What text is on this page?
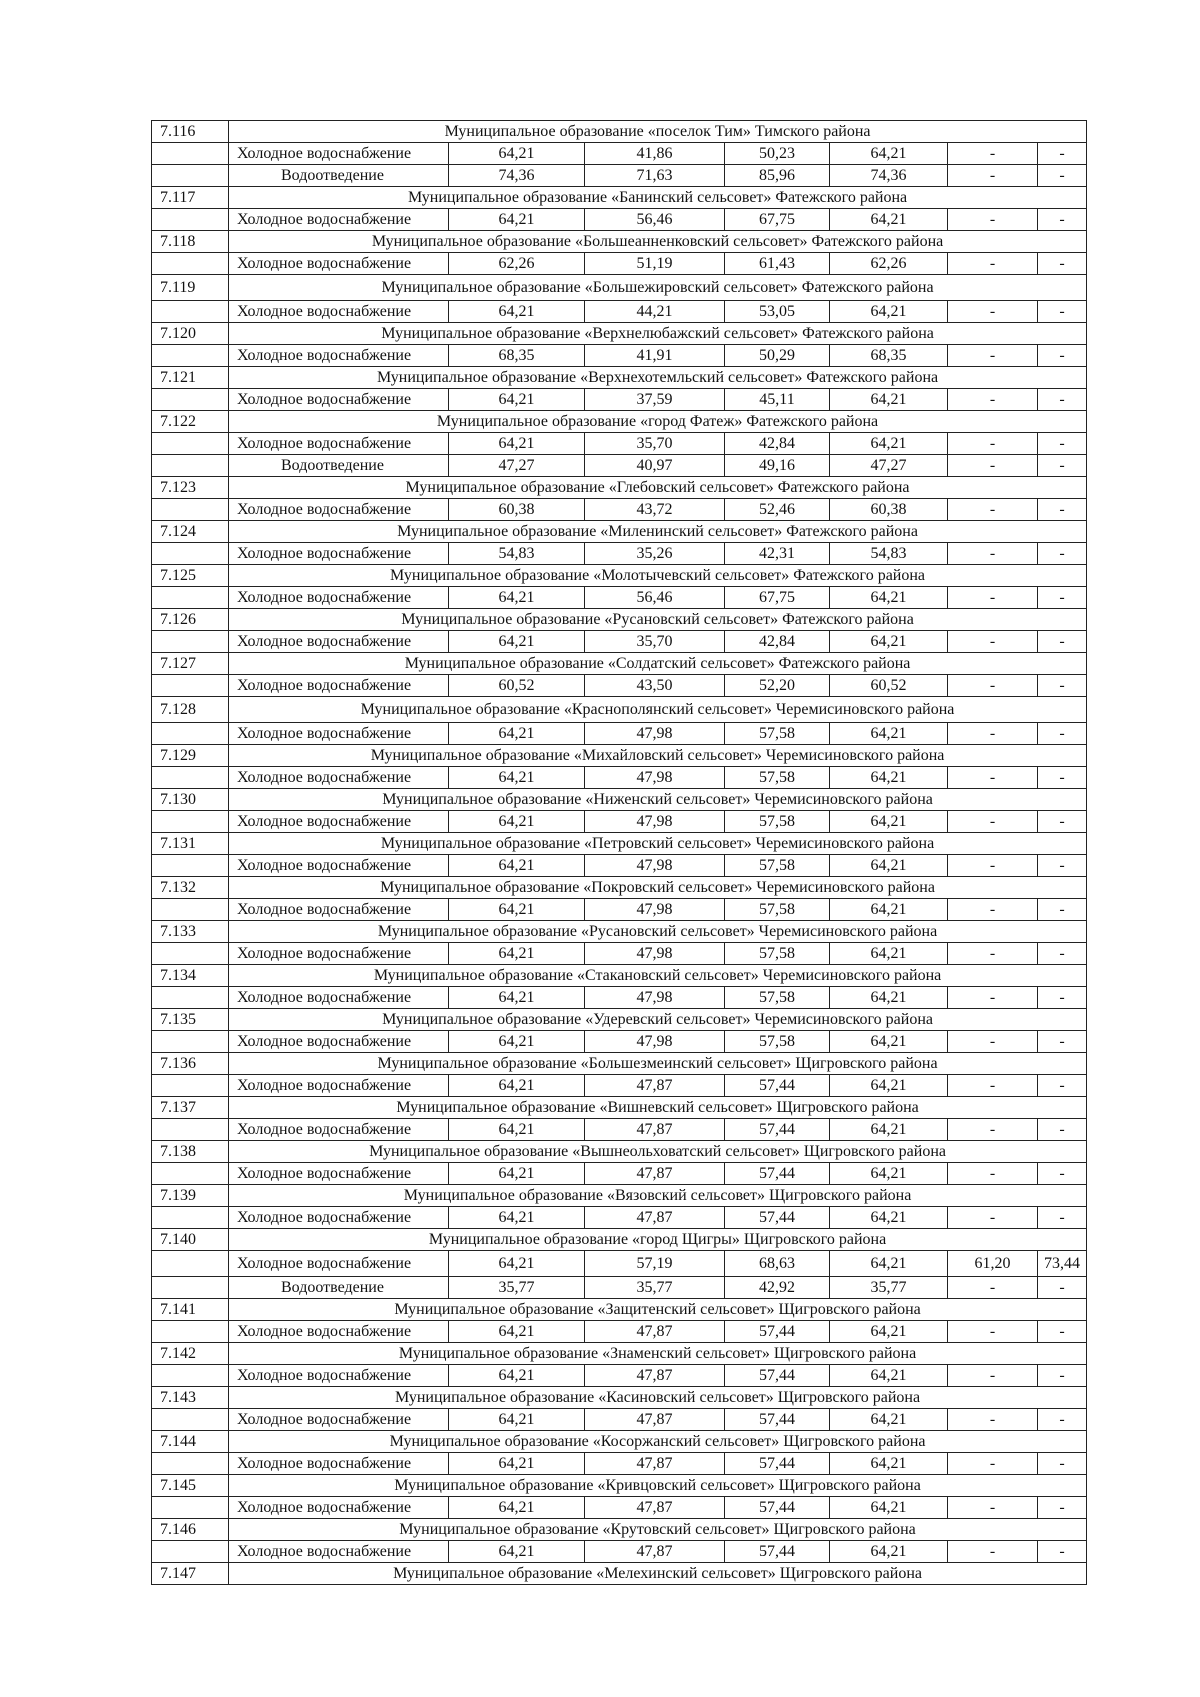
7.116	Муниципальное образование «поселок Тим» Тимского района						
	Холодное водоснабжение	64,21	41,86	50,23	64,21	-	-
	Водоотведение	74,36	71,63	85,96	74,36	-	-
7.117	Муниципальное образование «Банинский сельсовет» Фатежского района						
	Холодное водоснабжение	64,21	56,46	67,75	64,21	-	-
7.118	Муниципальное образование «Большеанненковский сельсовет» Фатежского района						
	Холодное водоснабжение	62,26	51,19	61,43	62,26	-	-
7.119	Муниципальное образование «Большежировский сельсовет» Фатежского района						
	Холодное водоснабжение	64,21	44,21	53,05	64,21	-	-
7.120	Муниципальное образование «Верхнелюбажский сельсовет» Фатежского района						
	Холодное водоснабжение	68,35	41,91	50,29	68,35	-	-
7.121	Муниципальное образование «Верхнехотемльский сельсовет» Фатежского района						
	Холодное водоснабжение	64,21	37,59	45,11	64,21	-	-
7.122	Муниципальное образование «город Фатеж» Фатежского района						
	Холодное водоснабжение	64,21	35,70	42,84	64,21	-	-
	Водоотведение	47,27	40,97	49,16	47,27	-	-
7.123	Муниципальное образование «Глебовский сельсовет» Фатежского района						
	Холодное водоснабжение	60,38	43,72	52,46	60,38	-	-
7.124	Муниципальное образование «Миленинский сельсовет» Фатежского района						
	Холодное водоснабжение	54,83	35,26	42,31	54,83	-	-
7.125	Муниципальное образование «Молотычевский сельсовет» Фатежского района						
	Холодное водоснабжение	64,21	56,46	67,75	64,21	-	-
7.126	Муниципальное образование «Русановский сельсовет» Фатежского района						
	Холодное водоснабжение	64,21	35,70	42,84	64,21	-	-
7.127	Муниципальное образование «Солдатский сельсовет» Фатежского района						
	Холодное водоснабжение	60,52	43,50	52,20	60,52	-	-
7.128	Муниципальное образование «Краснополянский сельсовет» Черемисиновского района						
	Холодное водоснабжение	64,21	47,98	57,58	64,21	-	-
7.129	Муниципальное образование «Михайловский сельсовет» Черемисиновского района						
	Холодное водоснабжение	64,21	47,98	57,58	64,21	-	-
7.130	Муниципальное образование «Ниженский сельсовет» Черемисиновского района						
	Холодное водоснабжение	64,21	47,98	57,58	64,21	-	-
7.131	Муниципальное образование «Петровский сельсовет» Черемисиновского района						
	Холодное водоснабжение	64,21	47,98	57,58	64,21	-	-
7.132	Муниципальное образование «Покровский сельсовет» Черемисиновского района						
	Холодное водоснабжение	64,21	47,98	57,58	64,21	-	-
7.133	Муниципальное образование «Русановский сельсовет» Черемисиновского района						
	Холодное водоснабжение	64,21	47,98	57,58	64,21	-	-
7.134	Муниципальное образование «Стакановский сельсовет» Черемисиновского района						
	Холодное водоснабжение	64,21	47,98	57,58	64,21	-	-
7.135	Муниципальное образование «Удеревский сельсовет» Черемисиновского района						
	Холодное водоснабжение	64,21	47,98	57,58	64,21	-	-
7.136	Муниципальное образование «Большезмеинский сельсовет» Щигровского района						
	Холодное водоснабжение	64,21	47,87	57,44	64,21	-	-
7.137	Муниципальное образование «Вишневский сельсовет» Щигровского района						
	Холодное водоснабжение	64,21	47,87	57,44	64,21	-	-
7.138	Муниципальное образование «Вышнеольховатский сельсовет» Щигровского района						
	Холодное водоснабжение	64,21	47,87	57,44	64,21	-	-
7.139	Муниципальное образование «Вязовский сельсовет» Щигровского района						
	Холодное водоснабжение	64,21	47,87	57,44	64,21	-	-
7.140	Муниципальное образование «город Щигры» Щигровского района						
	Холодное водоснабжение	64,21	57,19	68,63	64,21	61,20	73,44
	Водоотведение	35,77	35,77	42,92	35,77	-	-
7.141	Муниципальное образование «Защитенский сельсовет» Щигровского района						
	Холодное водоснабжение	64,21	47,87	57,44	64,21	-	-
7.142	Муниципальное образование «Знаменский сельсовет» Щигровского района						
	Холодное водоснабжение	64,21	47,87	57,44	64,21	-	-
7.143	Муниципальное образование «Касиновский сельсовет» Щигровского района						
	Холодное водоснабжение	64,21	47,87	57,44	64,21	-	-
7.144	Муниципальное образование «Косоржанский сельсовет» Щигровского района						
	Холодное водоснабжение	64,21	47,87	57,44	64,21	-	-
7.145	Муниципальное образование «Кривцовский сельсовет» Щигровского района						
	Холодное водоснабжение	64,21	47,87	57,44	64,21	-	-
7.146	Муниципальное образование «Крутовский сельсовет» Щигровского района						
	Холодное водоснабжение	64,21	47,87	57,44	64,21	-	-
7.147	Муниципальное образование «Мелехинский сельсовет» Щигровского района						
